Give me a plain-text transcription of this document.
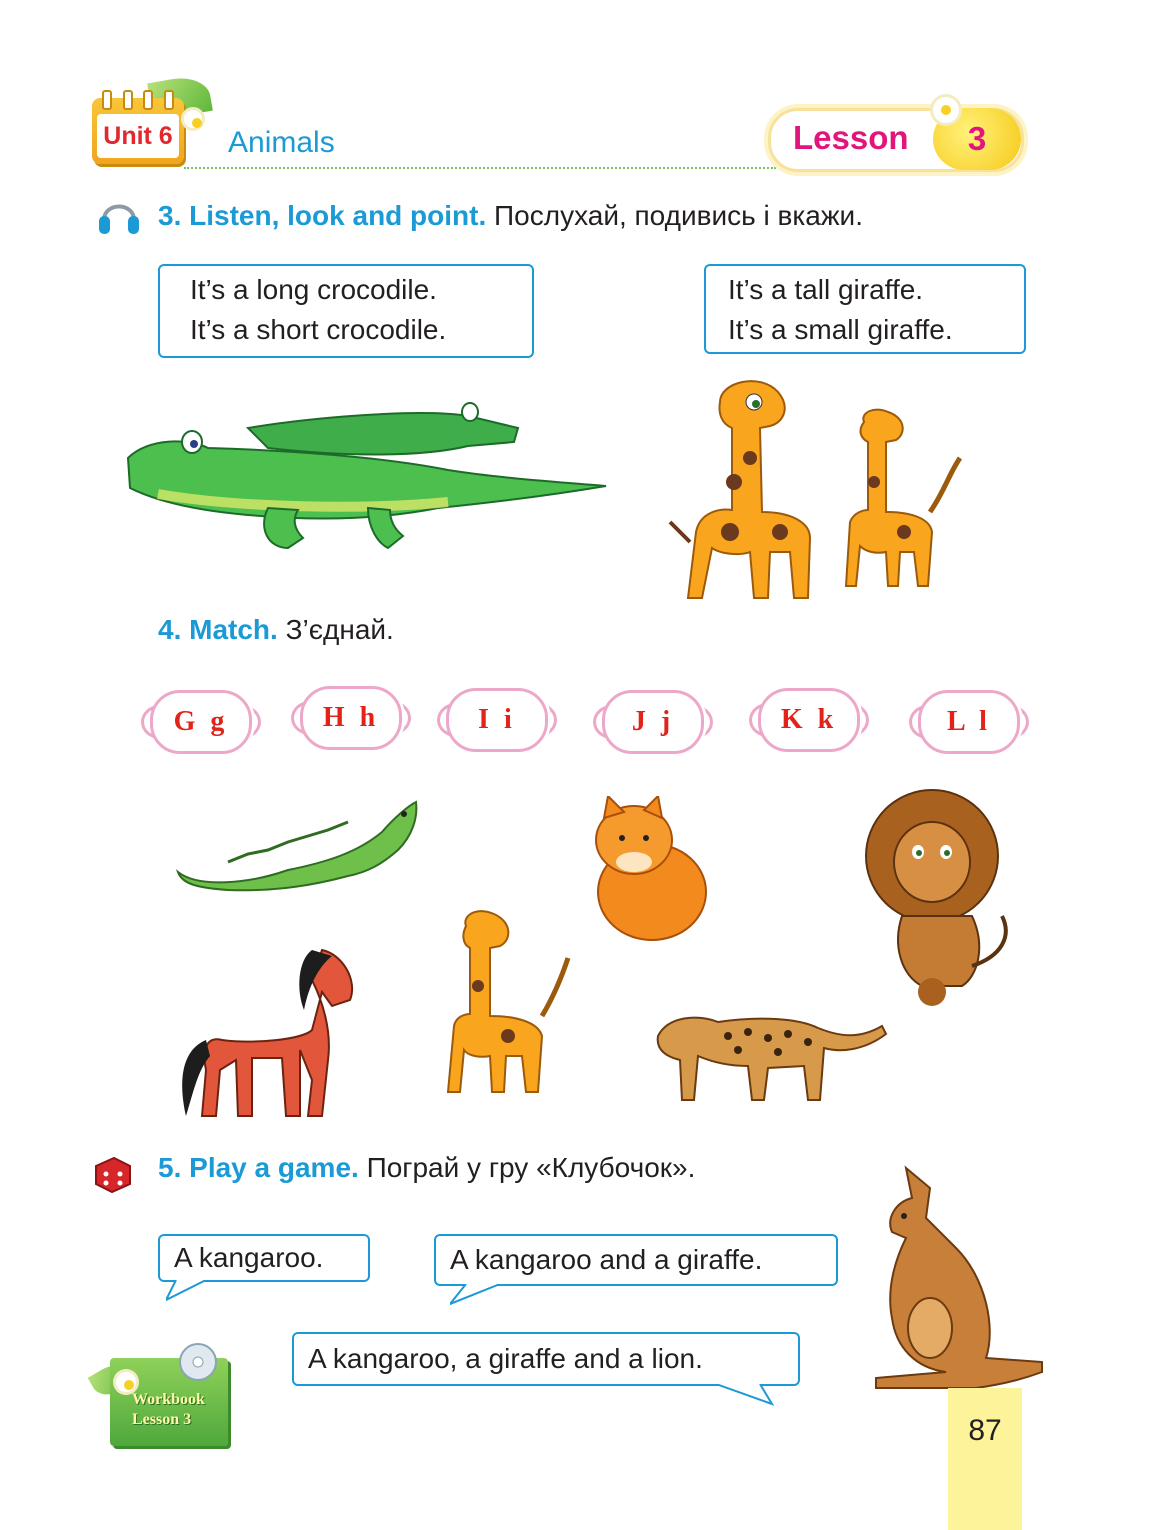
Unit 6 Animals	Lesson	3
3. Listen, look and point. Послухай, подивись і вкажи.
It’s a long crocodile.
It’s a short crocodile.
It’s a tall giraffe.
It’s a small giraffe.
4. Match. З’єднай.
G g	H h	I i	J j	K k	L l
5. Play a game. Пограй у гру «Клубочок».
A kangaroo.	A kangaroo and a giraffe.
A kangaroo, a giraffe and a lion.
Workbook
Lesson 3	87
